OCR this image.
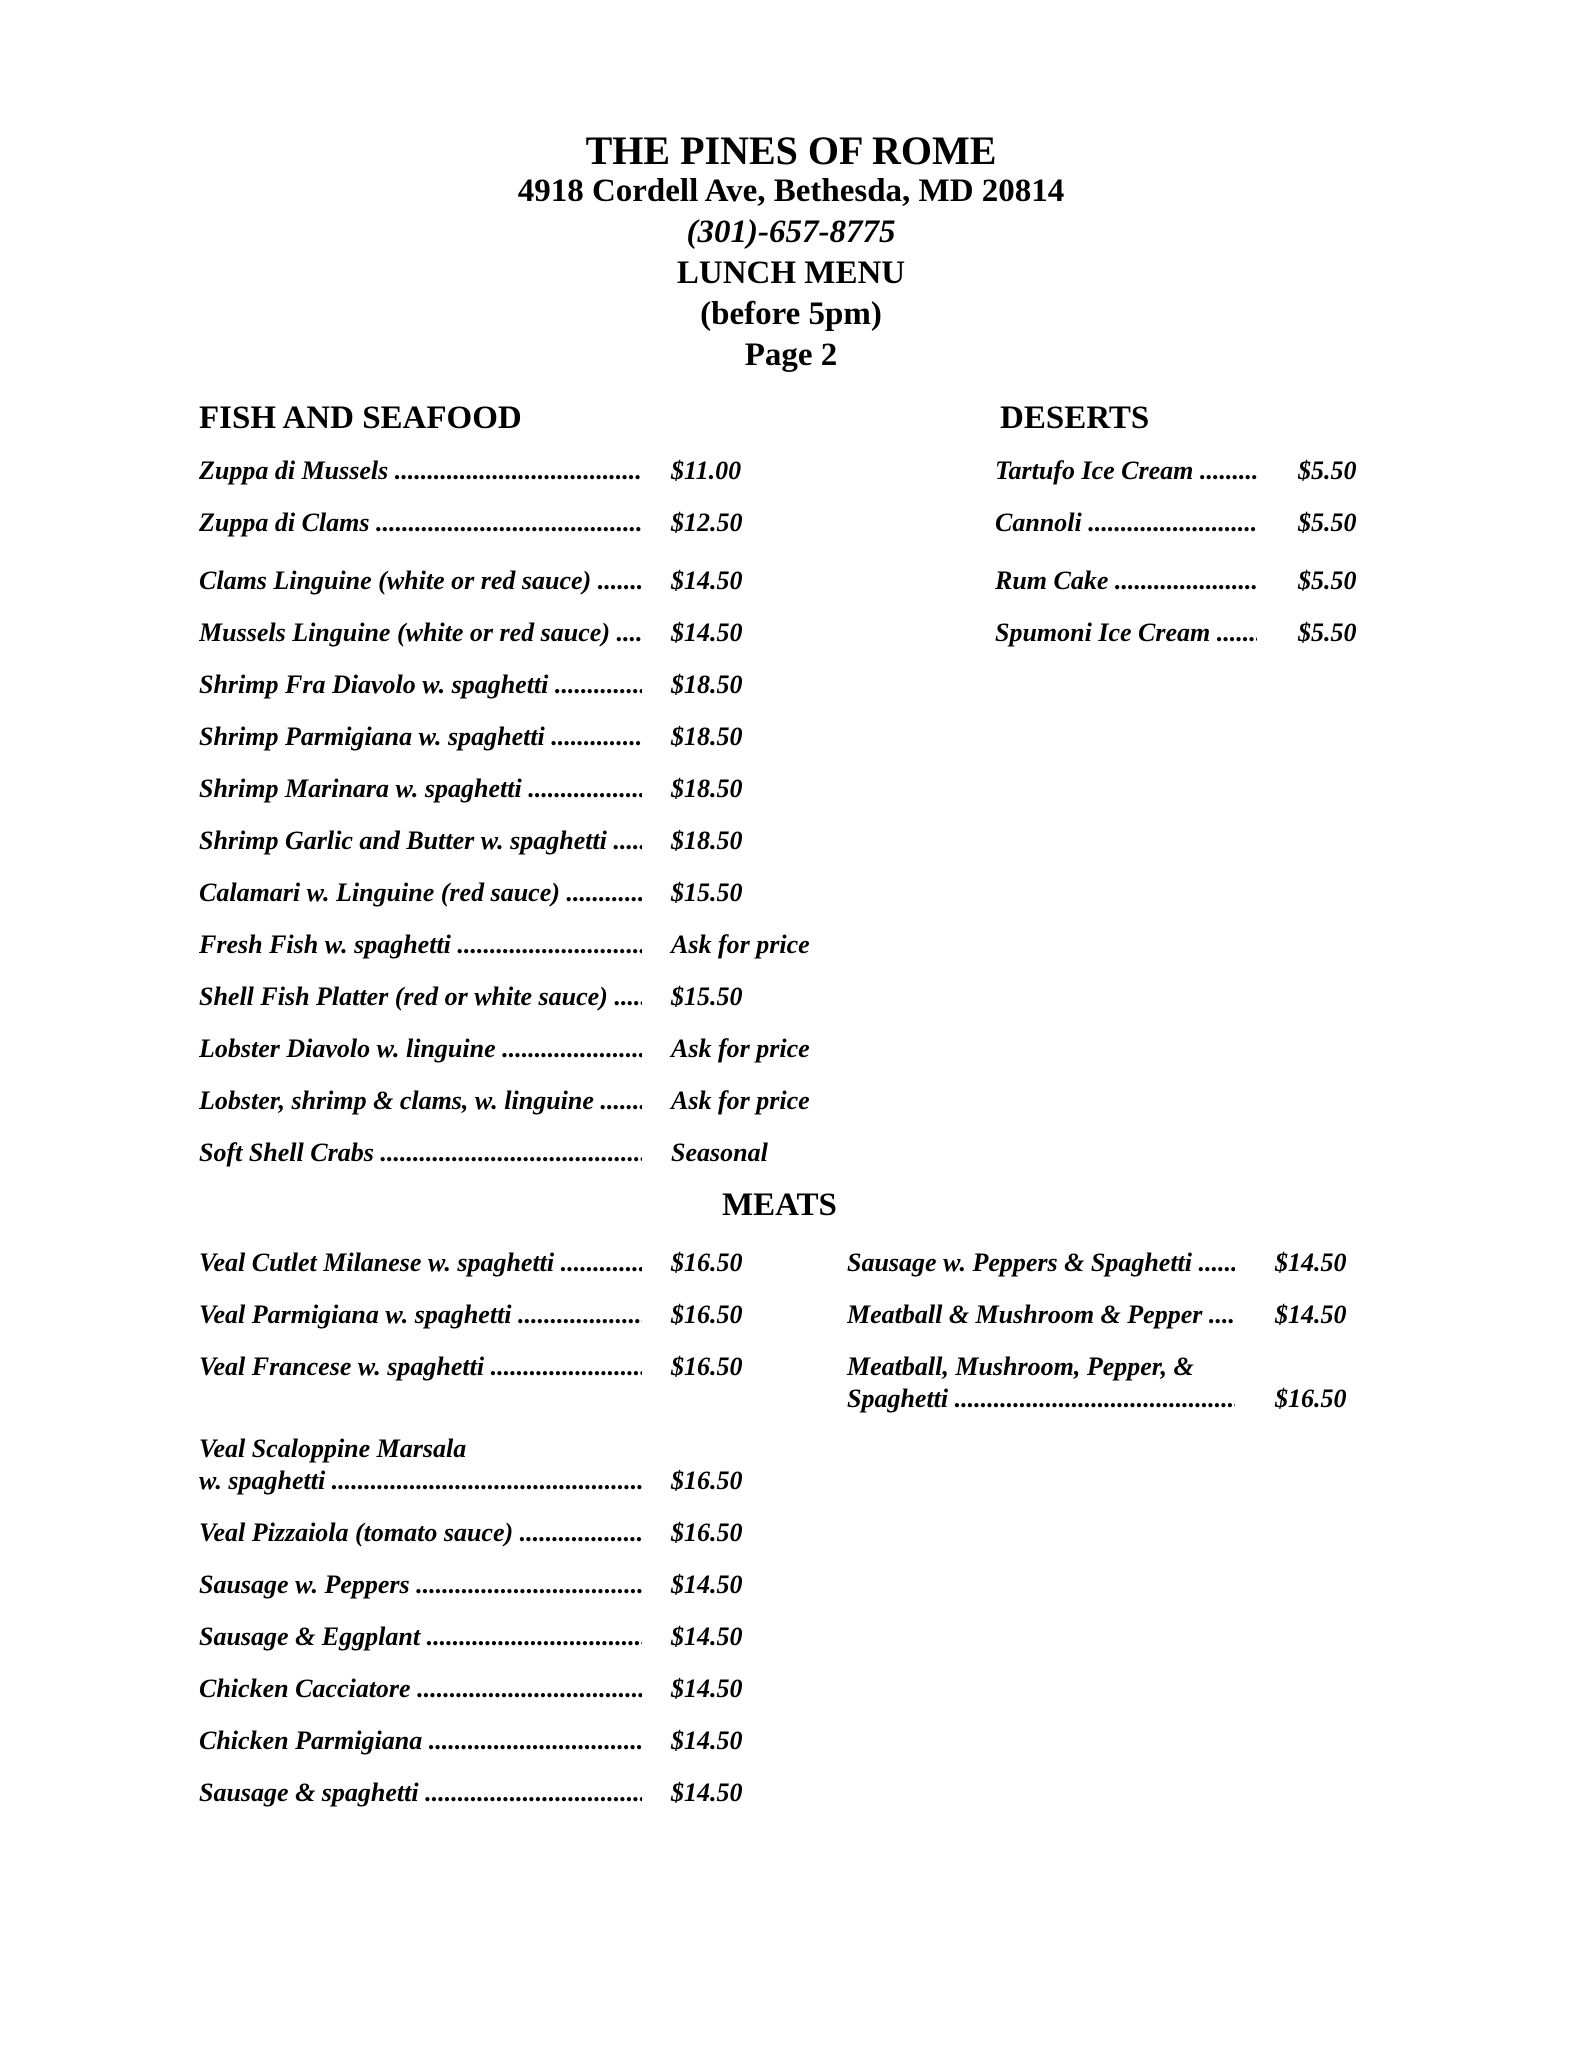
THE PINES OF ROME
4918 Cordell Ave, Bethesda, MD 20814
(301)-657-8775
LUNCH MENU
(before 5pm)
Page 2
FISH AND SEAFOOD	DESERTS
MEATS
Zuppa di Mussels .....	$11.00
Zuppa di Clams .....	$12.50
Clams Linguine (white or red sauce) .....	$14.50
Mussels Linguine (white or red sauce) .....	$14.50
Shrimp Fra Diavolo w. spaghetti .....	$18.50
Shrimp Parmigiana w. spaghetti .....	$18.50
Shrimp Marinara w. spaghetti .....	$18.50
Shrimp Garlic and Butter w. spaghetti .....	$18.50
Calamari w. Linguine (red sauce) .....	$15.50
Fresh Fish w. spaghetti .....	Ask for price
Shell Fish Platter (red or white sauce) .....	$15.50
Lobster Diavolo w. linguine .....	Ask for price
Lobster, shrimp & clams, w. linguine .....	Ask for price
Soft Shell Crabs .....	Seasonal
Tartufo Ice Cream .....	$5.50
Cannoli .....	$5.50
Rum Cake .....	$5.50
Spumoni Ice Cream .....	$5.50
Veal Cutlet Milanese w. spaghetti .....	$16.50
Veal Parmigiana w. spaghetti .....	$16.50
Veal Francese w. spaghetti .....	$16.50
Veal Scaloppine Marsala
w. spaghetti .....	$16.50
Veal Pizzaiola (tomato sauce) .....	$16.50
Sausage w. Peppers .....	$14.50
Sausage & Eggplant .....	$14.50
Chicken Cacciatore .....	$14.50
Chicken Parmigiana .....	$14.50
Sausage & spaghetti .....	$14.50
Sausage w. Peppers & Spaghetti .....	$14.50
Meatball & Mushroom & Pepper .....	$14.50
Meatball, Mushroom, Pepper, &
Spaghetti .....	$16.50
